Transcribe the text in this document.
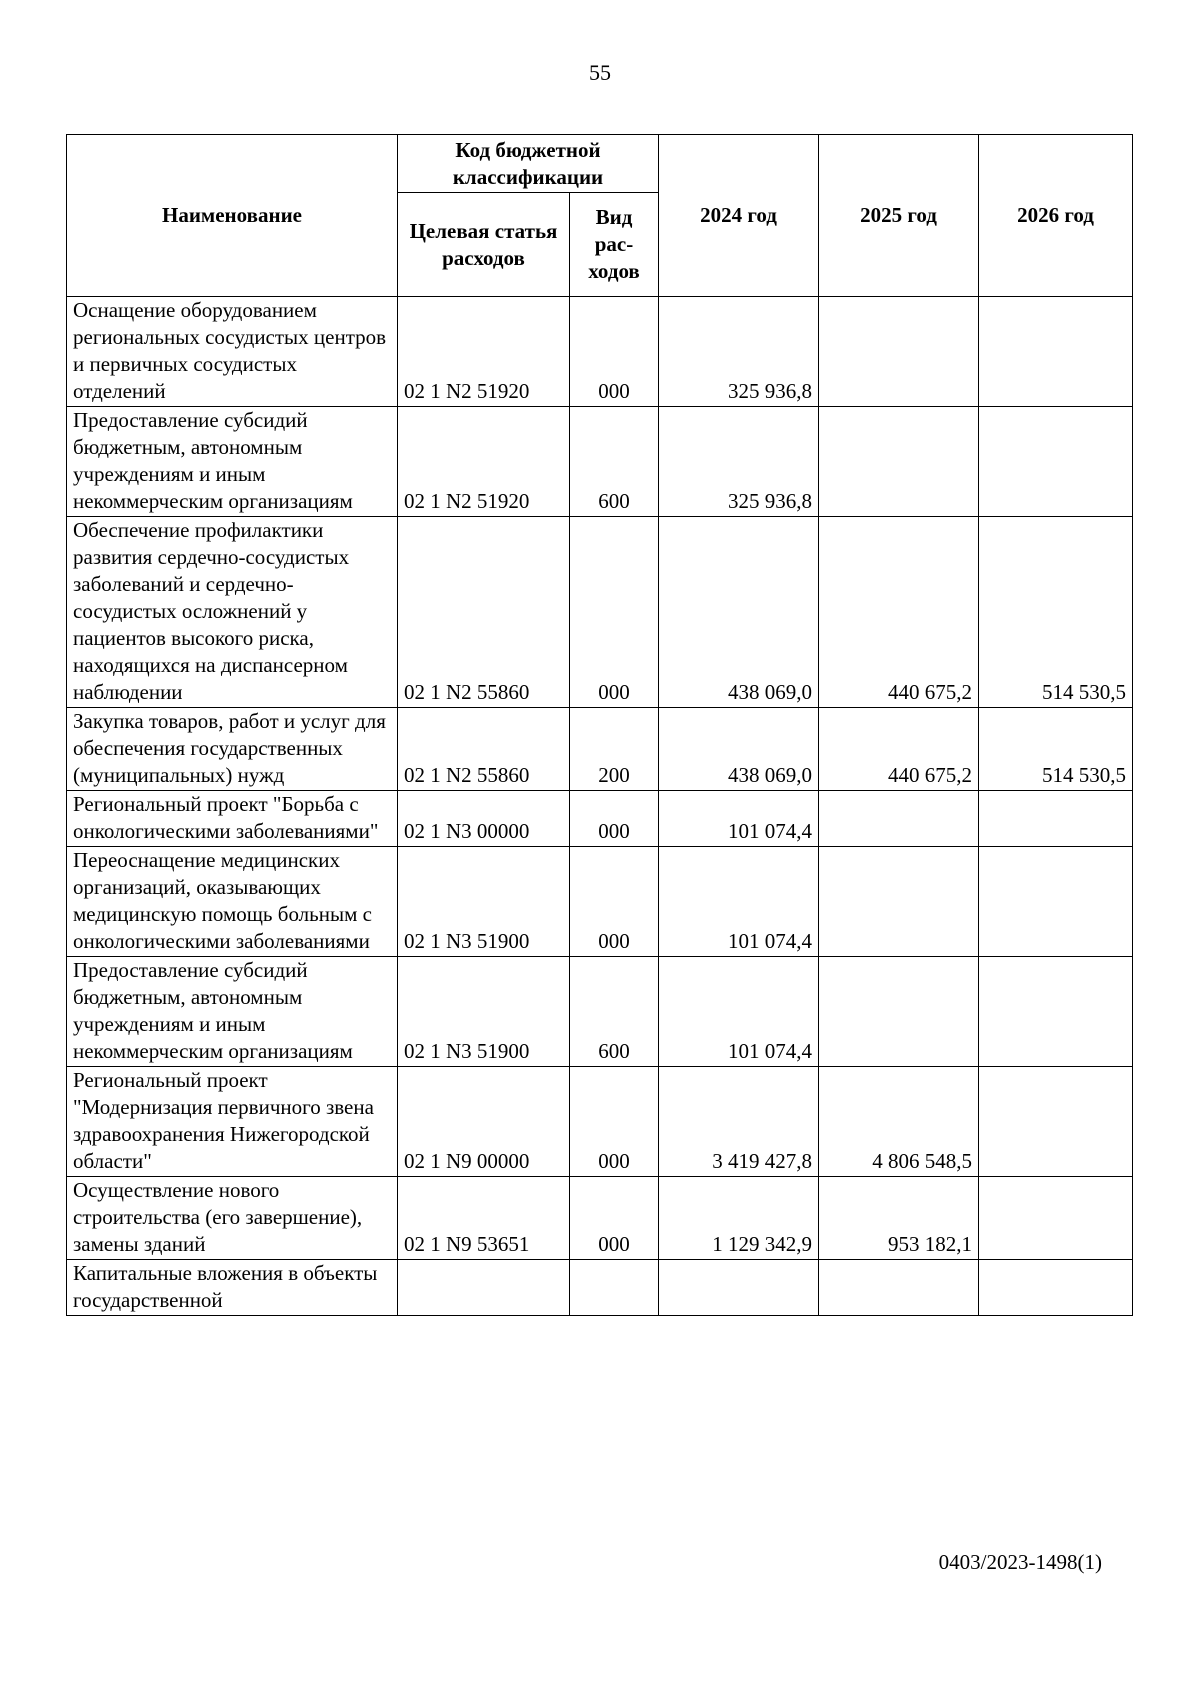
55
Наименование	Код бюджетной классификации		2024 год	2025 год	2026 год
	Целевая статья расходов	Вид
рас-
ходов			
Оснащение оборудованием региональных сосудистых центров и первичных сосудистых отделений	02 1 N2 51920	000	325 936,8		
Предоставление субсидий бюджетным, автономным учреждениям и иным некоммерческим организациям	02 1 N2 51920	600	325 936,8		
Обеспечение профилактики развития сердечно-сосудистых заболеваний и сердечно-сосудистых осложнений у пациентов высокого риска, находящихся на диспансерном наблюдении	02 1 N2 55860	000	438 069,0	440 675,2	514 530,5
Закупка товаров, работ и услуг для обеспечения государственных (муниципальных) нужд	02 1 N2 55860	200	438 069,0	440 675,2	514 530,5
Региональный проект "Борьба с онкологическими заболеваниями"	02 1 N3 00000	000	101 074,4		
Переоснащение медицинских организаций, оказывающих медицинскую помощь больным с онкологическими заболеваниями	02 1 N3 51900	000	101 074,4		
Предоставление субсидий бюджетным, автономным учреждениям и иным некоммерческим организациям	02 1 N3 51900	600	101 074,4		
Региональный проект "Модернизация первичного звена здравоохранения Нижегородской области"	02 1 N9 00000	000	3 419 427,8	4 806 548,5	
Осуществление нового строительства (его завершение), замены зданий	02 1 N9 53651	000	1 129 342,9	953 182,1	
Капитальные вложения в объекты государственной					
0403/2023-1498(1)
